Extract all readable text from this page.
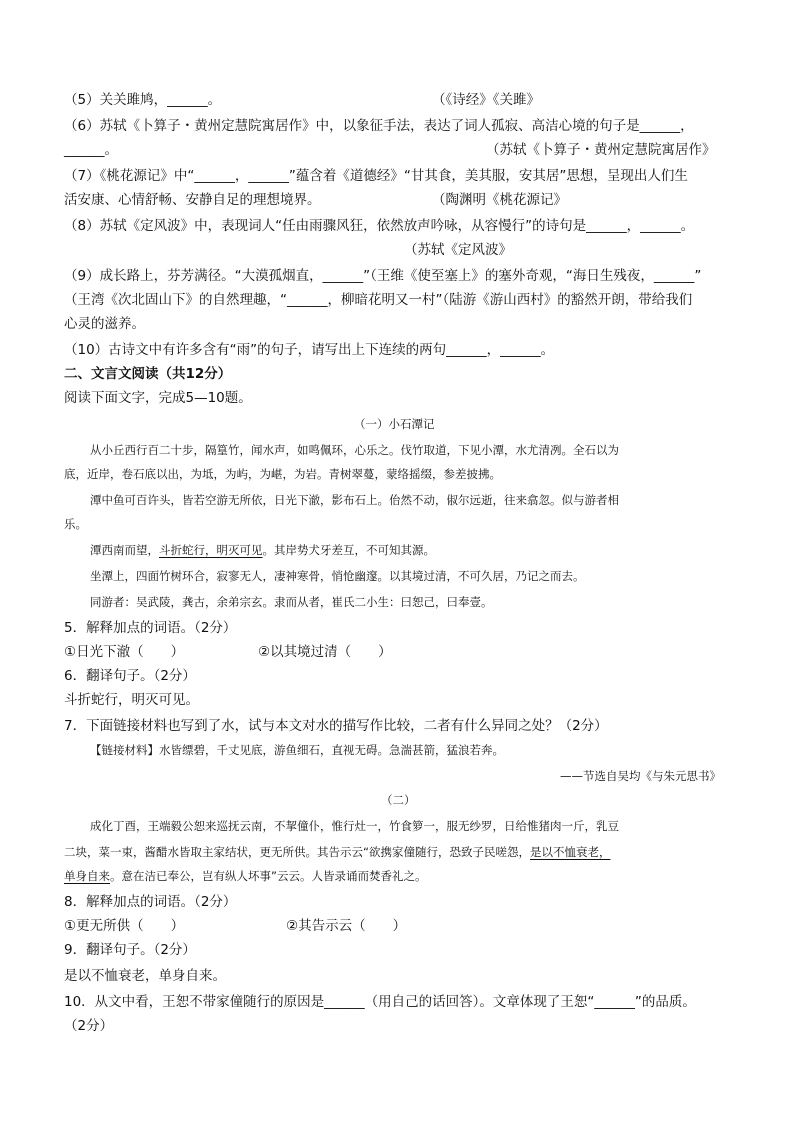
（5）关关雎鸠，______。	（《诗经》《关雎》

（6）苏轼《卜算子・黄州定慧院寓居作》中，以象征手法，表达了词人孤寂、高洁心境的句子是______，

______。	（苏轼《卜算子・黄州定慧院寓居作》

（7）《桃花源记》中“______，______”蕴含着《道德经》“甘其食，美其服，安其居”思想，呈现出人们生

活安康、心情舒畅、安静自足的理想境界。	（陶渊明《桃花源记》

（8）苏轼《定风波》中，表现词人“任由雨骤风狂，依然放声吟咏，从容慢行”的诗句是______，______。

（苏轼《定风波》

（9）成长路上，芬芳满径。“大漠孤烟直，______”（王维《使至塞上》的塞外奇观，“海日生残夜，______”

（王湾《次北固山下》的自然理趣，“______，柳暗花明又一村”（陆游《游山西村》的豁然开朗，带给我们

心灵的滋养。

（10）古诗文中有许多含有“雨”的句子，请写出上下连续的两句______，______。

二、文言文阅读（共12分）

阅读下面文字，完成5—10题。

（一）小石潭记

从小丘西行百二十步，隔篁竹，闻水声，如鸣佩环，心乐之。伐竹取道，下见小潭，水尤清冽。全石以为

底，近岸，卷石底以出，为坻，为屿，为嵁，为岩。青树翠蔓，蒙络摇缀，参差披拂。

潭中鱼可百许头，皆若空游无所依，日光下澈，影布石上。佁然不动，俶尔远逝，往来翕忽。似与游者相

乐。

潭西南而望，斗折蛇行，明灭可见。其岸势犬牙差互，不可知其源。

坐潭上，四面竹树环合，寂寥无人，凄神寒骨，悄怆幽邃。以其境过清，不可久居，乃记之而去。

同游者：吴武陵，龚古，余弟宗玄。隶而从者，崔氏二小生：曰恕己，曰奉壹。

5．解释加点的词语。（2分）

①日光下澈（　　）	②以其境过清（　　）

6．翻译句子。（2分）

斗折蛇行，明灭可见。

7．下面链接材料也写到了水，试与本文对水的描写作比较，二者有什么异同之处？（2分）

【链接材料】水皆缥碧，千丈见底，游鱼细石，直视无碍。急湍甚箭，猛浪若奔。

——节选自吴均《与朱元思书》

（二）

成化丁酉，王端毅公恕来巡抚云南，不挈僮仆，惟行灶一，竹食箩一，服无纱罗，日给惟猪肉一斤，乳豆

二块，菜一束，酱醋水皆取主家结状，更无所供。其告示云“欲携家僮随行，恐致子民嗟怨，是以不恤衰老，

单身自来。意在洁已奉公，岂有纵人坏事”云云。人皆录诵而焚香礼之。

8．解释加点的词语。（2分）

①更无所供（　　）	②其告示云（　　）

9．翻译句子。（2分）

是以不恤衰老，单身自来。

10．从文中看，王恕不带家僮随行的原因是______（用自己的话回答）。文章体现了王恕“______”的品质。

（2分）
